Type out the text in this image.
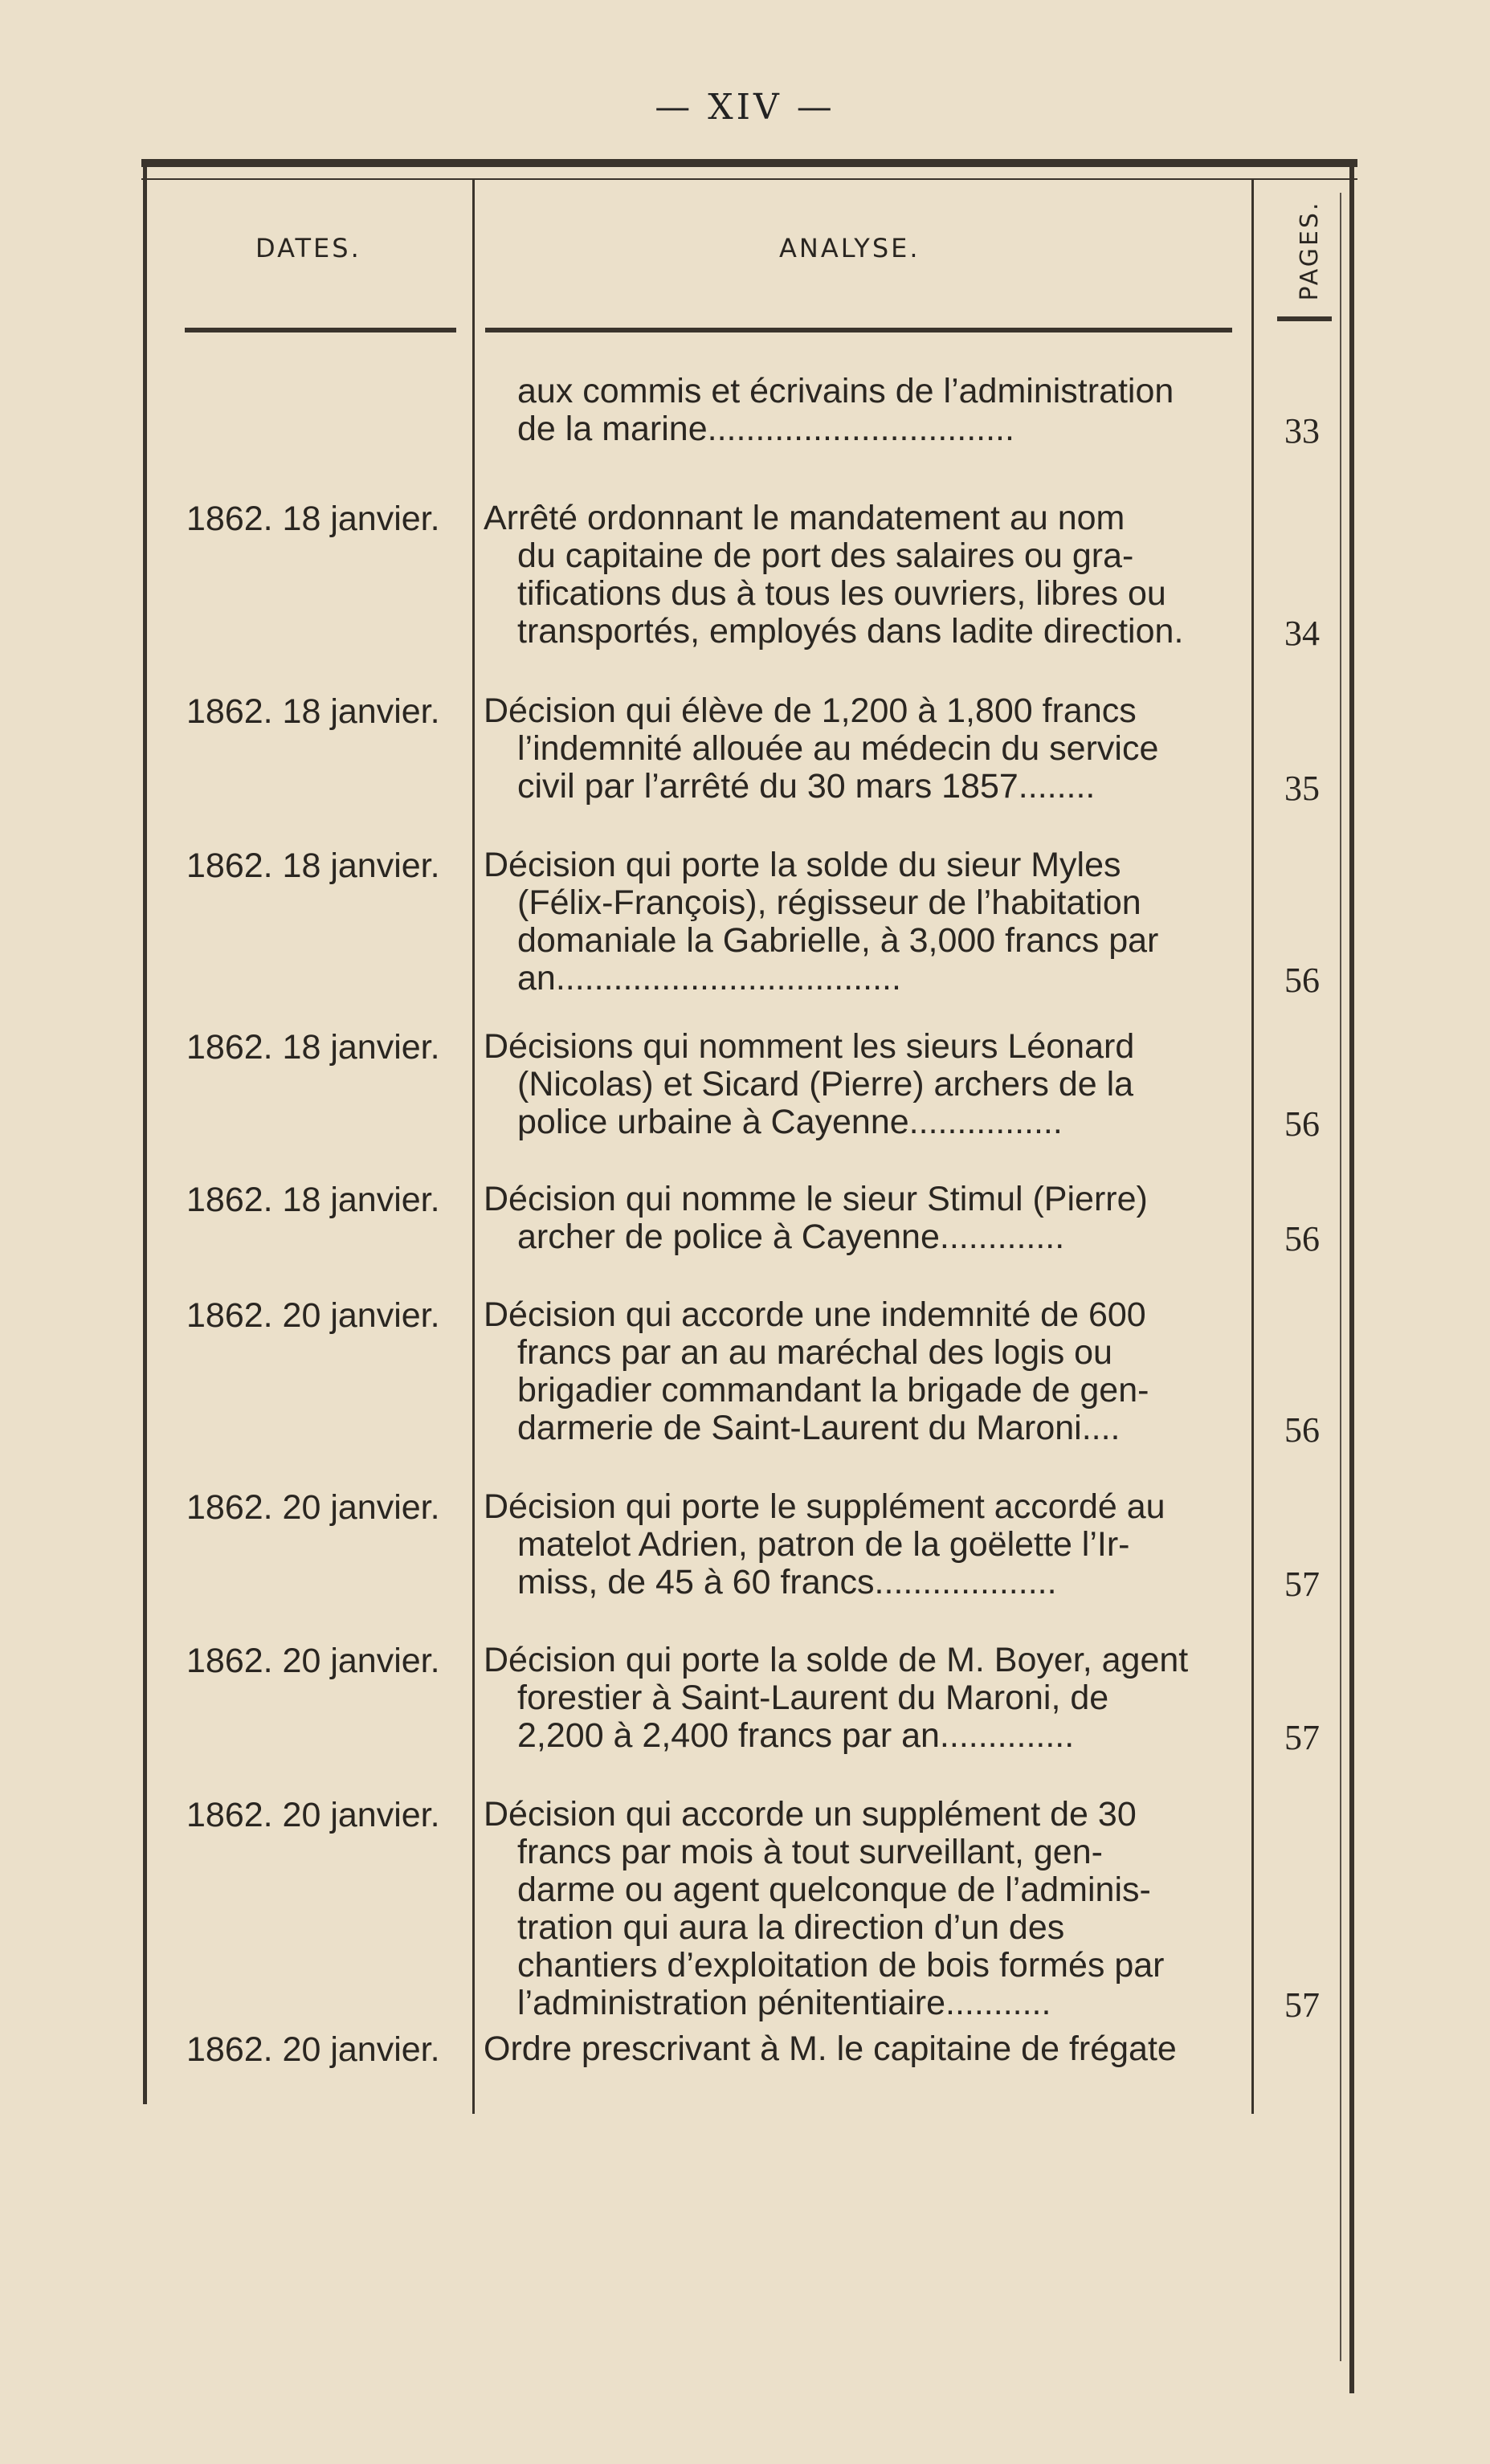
— XIV —
DATES.	ANALYSE.	PAGES.
aux commis et écrivains de l’administration
de la marine................................	33
1862. 18 janvier. Arrêté ordonnant le mandatement au nom
du capitaine de port des salaires ou gra-
tifications dus à tous les ouvriers, libres ou
transportés, employés dans ladite direction.	34
1862. 18 janvier. Décision qui élève de 1,200 à 1,800 francs
l’indemnité allouée au médecin du service
civil par l’arrêté du 30 mars 1857........	35
1862. 18 janvier. Décision qui porte la solde du sieur Myles
(Félix-François), régisseur de l’habitation
domaniale la Gabrielle, à 3,000 francs par
an....................................	56
1862. 18 janvier. Décisions qui nomment les sieurs Léonard
(Nicolas) et Sicard (Pierre) archers de la
police urbaine à Cayenne................	56
1862. 18 janvier. Décision qui nomme le sieur Stimul (Pierre)
archer de police à Cayenne.............	56
1862. 20 janvier. Décision qui accorde une indemnité de 600
francs par an au maréchal des logis ou
brigadier commandant la brigade de gen-
darmerie de Saint-Laurent du Maroni....	56
1862. 20 janvier. Décision qui porte le supplément accordé au
matelot Adrien, patron de la goëlette l’Ir-
miss, de 45 à 60 francs...................	57
1862. 20 janvier. Décision qui porte la solde de M. Boyer, agent
forestier à Saint-Laurent du Maroni, de
2,200 à 2,400 francs par an..............	57
1862. 20 janvier. Décision qui accorde un supplément de 30
francs par mois à tout surveillant, gen-
darme ou agent quelconque de l’adminis-
tration qui aura la direction d’un des
chantiers d’exploitation de bois formés par
l’administration pénitentiaire...........	57
1862. 20 janvier. Ordre prescrivant à M. le capitaine de frégate
